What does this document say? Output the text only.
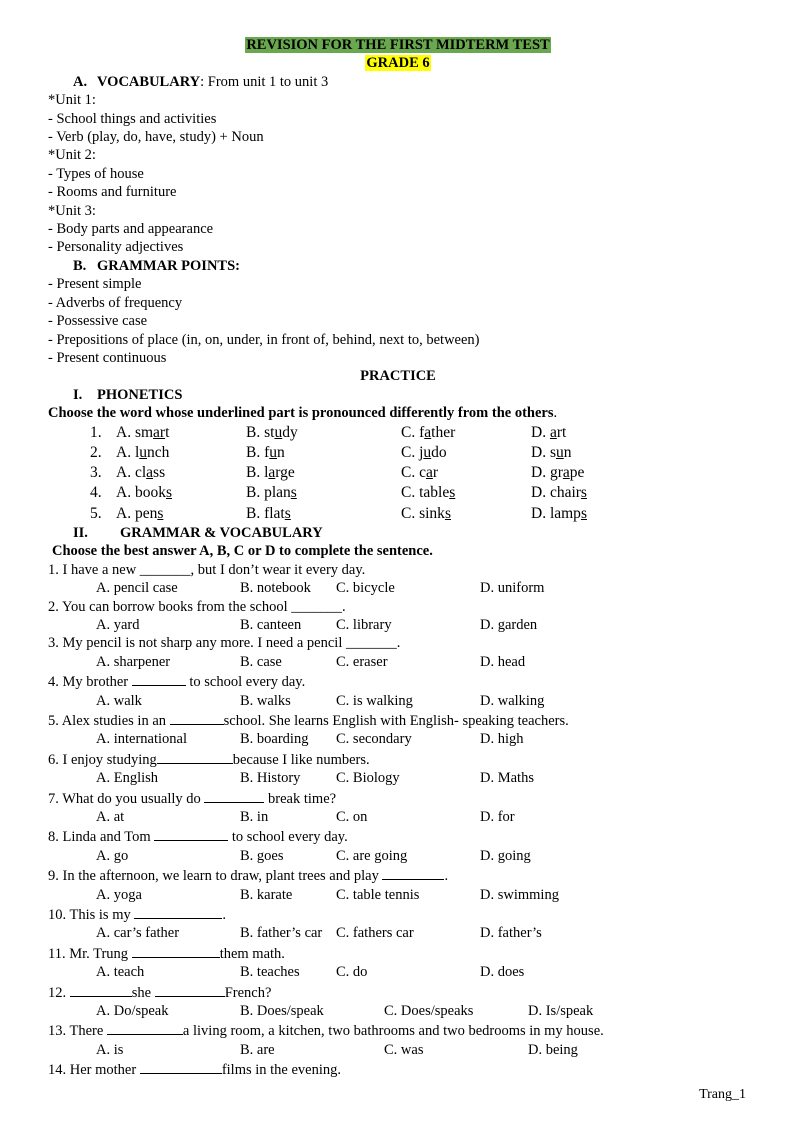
REVISION FOR THE FIRST MIDTERM TEST
GRADE 6
A. VOCABULARY: From unit 1 to unit 3
*Unit 1:
- School things and activities
- Verb (play, do, have, study) + Noun
*Unit 2:
- Types of house
- Rooms and furniture
*Unit 3:
- Body parts and appearance
- Personality adjectives
B. GRAMMAR POINTS:
- Present simple
- Adverbs of frequency
- Possessive case
- Prepositions of place (in, on, under, in front of, behind, next to, between)
- Present continuous
PRACTICE
I. PHONETICS
Choose the word whose underlined part is pronounced differently from the others.
1. A. smart	B. study	C. father	D. art
2. A. lunch	B. fun	C. judo	D. sun
3. A. class	B. large	C. car	D. grape
4. A. books	B. plans	C. tables	D. chairs
5. A. pens	B. flats	C. sinks	D. lamps
II. GRAMMAR & VOCABULARY
Choose the best answer A, B, C or D to complete the sentence.
1. I have a new _______, but I don’t wear it every day.
A. pencil case	B. notebook C. bicycle	D. uniform
2. You can borrow books from the school _______.
A. yard	B. canteen C. library	D. garden
3. My pencil is not sharp any more. I need a pencil _______.
A. sharpener	B. case	C. eraser	D. head
4. My brother	to school every day.
A. walk	B. walks	C. is walking	D. walking
5. Alex studies in an	school. She learns English with English- speaking teachers.
A. international	B. boarding C. secondary	D. high
6. I enjoy studying	because I like numbers.
A. English	B. History C. Biology	D. Maths
7. What do you usually do	break time?
A. at	B. in	C. on	D. for
8. Linda and Tom	to school every day.
A. go	B. goes	C. are going	D. going
9. In the afternoon, we learn to draw, plant trees and play	.
A. yoga	B. karate	C. table tennis	D. swimming
10. This is my	.
A. car’s father	B. father’s car C. fathers car	D. father’s
11. Mr. Trung	them math.
A. teach	B. teaches	C. do	D. does
12.	she	French?
A. Do/speak	B. Does/speak	C. Does/speaks	D. Is/speak
13. There	a living room, a kitchen, two bathrooms and two bedrooms in my house.
A. is	B. are	C. was	D. being
14. Her mother	films in the evening.
Trang_1
